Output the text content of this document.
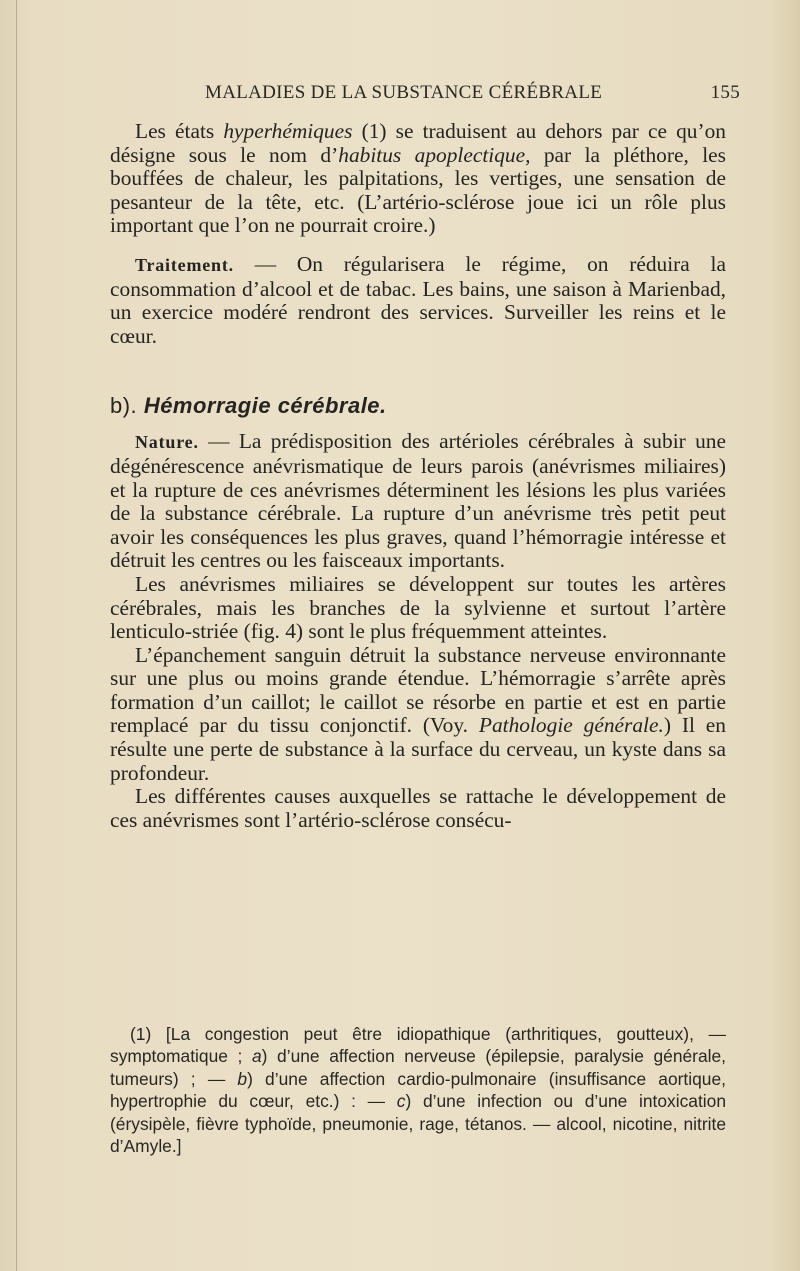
MALADIES DE LA SUBSTANCE CÉRÉBRALE	155

Les états hyperhémiques (1) se traduisent au dehors par ce qu’on désigne sous le nom d’habitus apoplectique, par la pléthore, les bouffées de chaleur, les palpitations, les vertiges, une sensation de pesanteur de la tête, etc. (L’artério-sclérose joue ici un rôle plus important que l’on ne pourrait croire.)

Traitement. — On régularisera le régime, on réduira la consommation d’alcool et de tabac. Les bains, une saison à Marienbad, un exercice modéré rendront des services. Surveiller les reins et le cœur.

b). Hémorragie cérébrale.

Nature. — La prédisposition des artérioles cérébrales à subir une dégénérescence anévrismatique de leurs parois (anévrismes miliaires) et la rupture de ces anévrismes déterminent les lésions les plus variées de la substance cérébrale. La rupture d’un anévrisme très petit peut avoir les conséquences les plus graves, quand l’hémorragie intéresse et détruit les centres ou les faisceaux importants.

Les anévrismes miliaires se développent sur toutes les artères cérébrales, mais les branches de la sylvienne et surtout l’artère lenticulo-striée (fig. 4) sont le plus fréquemment atteintes.

L’épanchement sanguin détruit la substance nerveuse environnante sur une plus ou moins grande étendue. L’hémorragie s’arrête après formation d’un caillot; le caillot se résorbe en partie et est en partie remplacé par du tissu conjonctif. (Voy. Pathologie générale.) Il en résulte une perte de substance à la surface du cerveau, un kyste dans sa profondeur.

Les différentes causes auxquelles se rattache le développement de ces anévrismes sont l’artério-sclérose consécu-

(1) [La congestion peut être idiopathique (arthritiques, goutteux), — symptomatique ; a) d’une affection nerveuse (épilepsie, paralysie générale, tumeurs) ; — b) d’une affection cardio-pulmonaire (insuffisance aortique, hypertrophie du cœur, etc.) : — c) d’une infection ou d’une intoxication (érysipèle, fièvre typhoïde, pneumonie, rage, tétanos. — alcool, nicotine, nitrite d’Amyle.]
